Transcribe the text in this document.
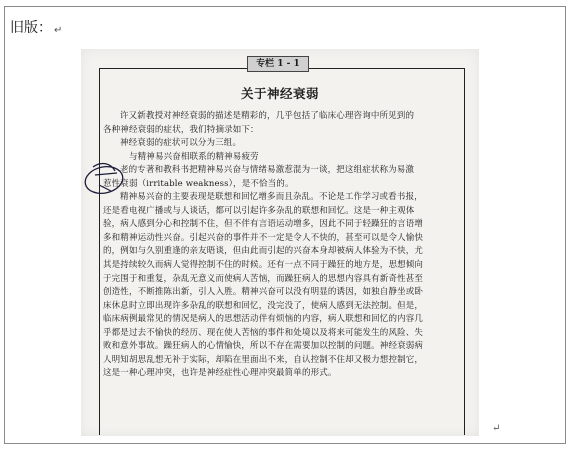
旧版： ↵
专栏 1 - 1
关于神经衰弱
许又新教授对神经衰弱的描述是精彩的，几乎包括了临床心理咨询中所见到的
各种神经衰弱的症状，我们特摘录如下：
神经衰弱的症状可以分为三组。
与精神易兴奋相联系的精神易疲劳
老的专著和教科书把精神易兴奋与情绪易激惹混为一谈，把这组症状称为易激
惹性衰弱（irritable weakness），是不恰当的。
精神易兴奋的主要表现是联想和回忆增多而且杂乱。不论是工作学习或看书报，
还是看电视广播或与人谈话，都可以引起许多杂乱的联想和回忆。这是一种主观体
验，病人感到分心和控制不住，但不伴有言语运动增多，因此不同于轻躁狂的言语增
多和精神运动性兴奋。引起兴奋的事件并不一定是令人不快的，甚至可以是令人愉快
的，例如与久别重逢的亲友晤谈，但由此而引起的兴奋本身却被病人体验为不快，尤
其是持续较久而病人觉得控制不住的时候。还有一点不同于躁狂的地方是，思想倾向
于完围于和重复，杂乱无意义而使病人苦恼，而躁狂病人的思想内容具有新奇性甚至
创造性，不断推陈出新，引人入胜。精神兴奋可以没有明显的诱因，如独自静坐或卧
床休息时立即出现许多杂乱的联想和回忆，没完没了，使病人感到无法控制。但是，
临床病例最常见的情况是病人的思想活动伴有烦恼的内容，病人联想和回忆的内容几
乎都是过去不愉快的经历、现在使人苦恼的事件和处境以及将来可能发生的风险、失
败和意外事故。躁狂病人的心情愉快，所以不存在需要加以控制的问题。神经衰弱病
人明知胡思乱想无补于实际，却陷在里面出不来，自认控制不住却又极力想控制它，
这是一种心理冲突，也许是神经症性心理冲突最简单的形式。
↵
